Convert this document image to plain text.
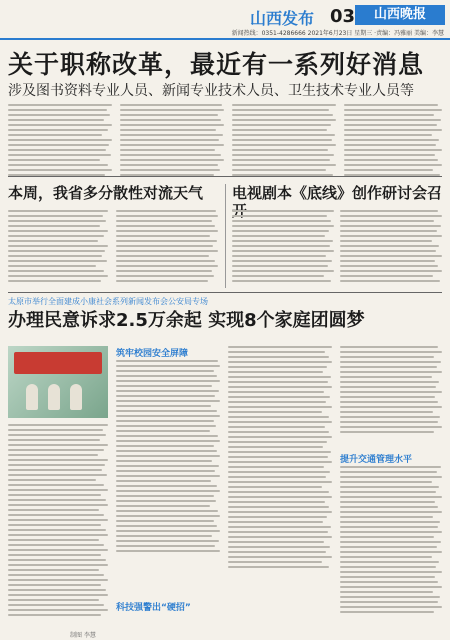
山西发布 03	山西晚报
新闻热线：0351-4286666 2021年6月23日 星期三 ·责编：冯雅丽 美编：李慧
关于职称改革，最近有一系列好消息
涉及图书资料专业人员、新闻专业技术人员、卫生技术专业人员等
本周，我省多分散性对流天气	电视剧本《底线》创作研讨会召开
太原市举行全面建成小康社会系列新闻发布会公安局专场
办理民意诉求2.5万余起 实现8个家庭团圆梦
制图 李慧
筑牢校园安全屏障
科技强警出“硬招”
提升交通管理水平
